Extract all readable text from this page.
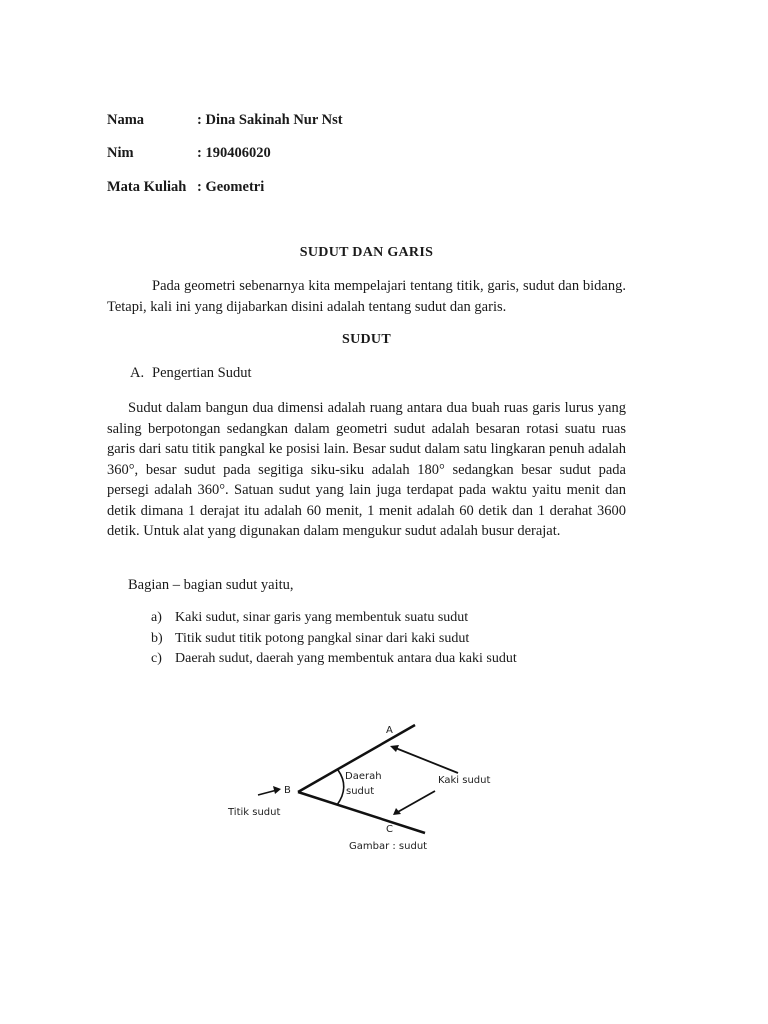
Nama	: Dina Sakinah Nur Nst
Nim	: 190406020
Mata Kuliah : Geometri
SUDUT DAN GARIS
Pada geometri sebenarnya kita mempelajari tentang titik, garis, sudut dan bidang. Tetapi, kali ini yang dijabarkan disini adalah tentang sudut dan garis.
SUDUT
A. Pengertian Sudut
Sudut dalam bangun dua dimensi adalah ruang antara dua buah ruas garis lurus yang saling berpotongan sedangkan dalam geometri sudut adalah besaran rotasi suatu ruas garis dari satu titik pangkal ke posisi lain. Besar sudut dalam satu lingkaran penuh adalah 360°, besar sudut pada segitiga siku-siku adalah 180° sedangkan besar sudut pada persegi adalah 360°. Satuan sudut yang lain juga terdapat pada waktu yaitu menit dan detik dimana 1 derajat itu adalah 60 menit, 1 menit adalah 60 detik dan 1 derahat 3600 detik. Untuk alat yang digunakan dalam mengukur sudut adalah busur derajat.
Bagian – bagian sudut yaitu,
a) Kaki sudut, sinar garis yang membentuk suatu sudut
b) Titik sudut titik potong pangkal sinar dari kaki sudut
c) Daerah sudut, daerah yang membentuk antara dua kaki sudut
A
B
C
Daerah
sudut
Kaki sudut
Titik sudut
Gambar : sudut
